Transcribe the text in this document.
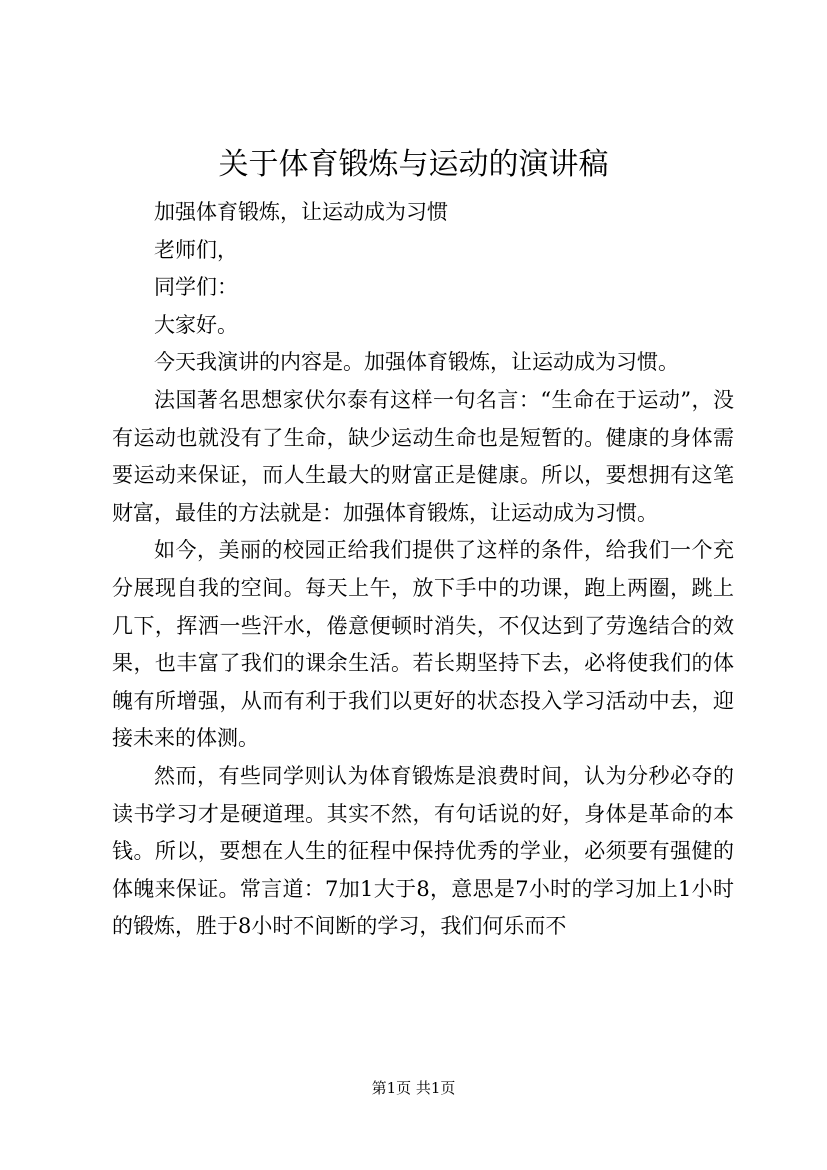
关于体育锻炼与运动的演讲稿

加强体育锻炼，让运动成为习惯

老师们，

同学们：

大家好。

今天我演讲的内容是。加强体育锻炼，让运动成为习惯。

法国著名思想家伏尔泰有这样一句名言：“生命在于运动”，没有运动也就没有了生命，缺少运动生命也是短暂的。健康的身体需要运动来保证，而人生最大的财富正是健康。所以，要想拥有这笔财富，最佳的方法就是：加强体育锻炼，让运动成为习惯。

如今，美丽的校园正给我们提供了这样的条件，给我们一个充分展现自我的空间。每天上午，放下手中的功课，跑上两圈，跳上几下，挥洒一些汗水，倦意便顿时消失，不仅达到了劳逸结合的效果，也丰富了我们的课余生活。若长期坚持下去，必将使我们的体魄有所增强，从而有利于我们以更好的状态投入学习活动中去，迎接未来的体测。

然而，有些同学则认为体育锻炼是浪费时间，认为分秒必夺的读书学习才是硬道理。其实不然，有句话说的好，身体是革命的本钱。所以，要想在人生的征程中保持优秀的学业，必须要有强健的体魄来保证。常言道：7加1大于8，意思是7小时的学习加上1小时的锻炼，胜于8小时不间断的学习，我们何乐而不

第1页 共1页
